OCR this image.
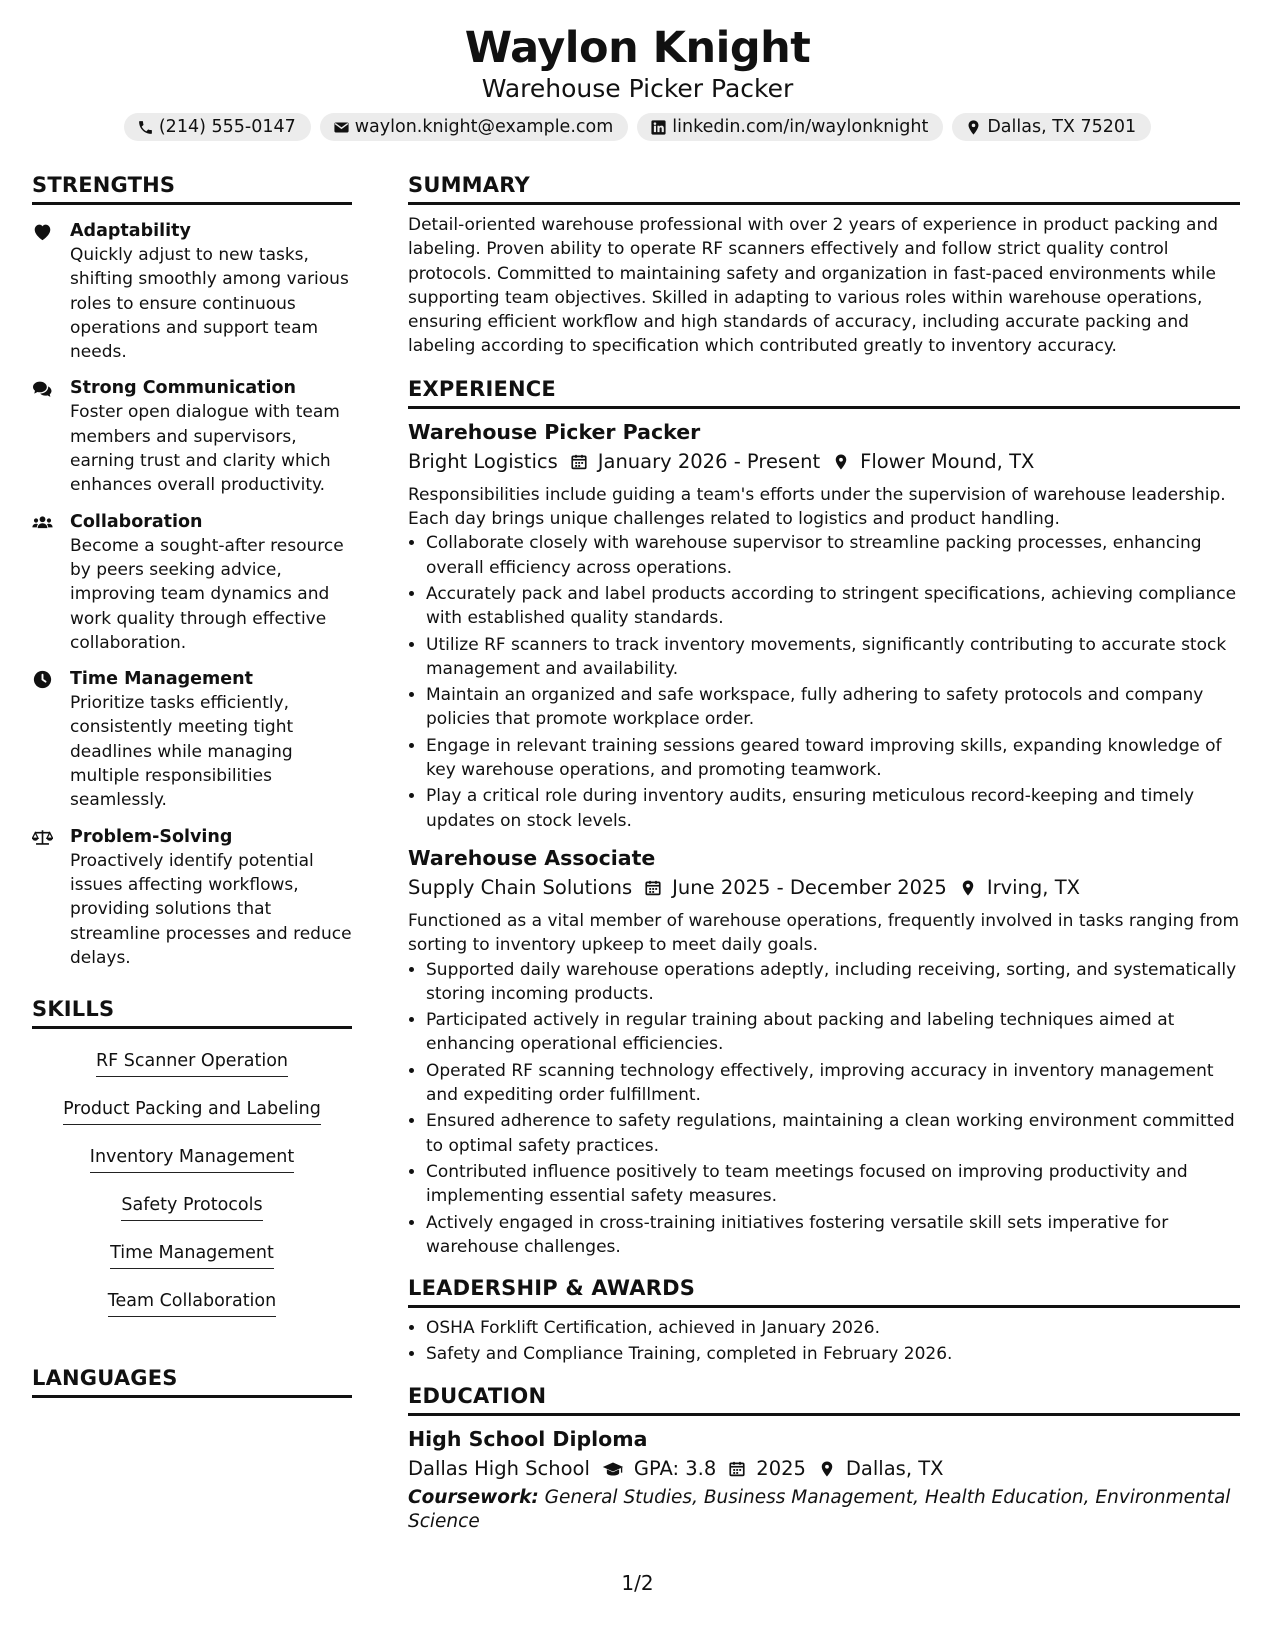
Waylon Knight
Warehouse Picker Packer
(214) 555-0147	waylon.knight@example.com	linkedin.com/in/waylonknight	Dallas, TX 75201
STRENGTHS
Adaptability
Quickly adjust to new tasks, shifting smoothly among various roles to ensure continuous operations and support team needs.
Strong Communication
Foster open dialogue with team members and supervisors, earning trust and clarity which enhances overall productivity.
Collaboration
Become a sought-after resource by peers seeking advice, improving team dynamics and work quality through effective collaboration.
Time Management
Prioritize tasks efficiently, consistently meeting tight deadlines while managing multiple responsibilities seamlessly.
Problem-Solving
Proactively identify potential issues affecting workflows, providing solutions that streamline processes and reduce delays.
SKILLS
RF Scanner Operation
Product Packing and Labeling
Inventory Management
Safety Protocols
Time Management
Team Collaboration
LANGUAGES
SUMMARY
Detail-oriented warehouse professional with over 2 years of experience in product packing and labeling. Proven ability to operate RF scanners effectively and follow strict quality control protocols. Committed to maintaining safety and organization in fast-paced environments while supporting team objectives. Skilled in adapting to various roles within warehouse operations, ensuring efficient workflow and high standards of accuracy, including accurate packing and labeling according to specification which contributed greatly to inventory accuracy.
EXPERIENCE
Warehouse Picker Packer
Bright Logistics January 2026 - Present Flower Mound, TX
Responsibilities include guiding a team's efforts under the supervision of warehouse leadership. Each day brings unique challenges related to logistics and product handling.
• Collaborate closely with warehouse supervisor to streamline packing processes, enhancing overall efficiency across operations.
• Accurately pack and label products according to stringent specifications, achieving compliance with established quality standards.
• Utilize RF scanners to track inventory movements, significantly contributing to accurate stock management and availability.
• Maintain an organized and safe workspace, fully adhering to safety protocols and company policies that promote workplace order.
• Engage in relevant training sessions geared toward improving skills, expanding knowledge of key warehouse operations, and promoting teamwork.
• Play a critical role during inventory audits, ensuring meticulous record-keeping and timely updates on stock levels.
Warehouse Associate
Supply Chain Solutions June 2025 - December 2025 Irving, TX
Functioned as a vital member of warehouse operations, frequently involved in tasks ranging from sorting to inventory upkeep to meet daily goals.
• Supported daily warehouse operations adeptly, including receiving, sorting, and systematically storing incoming products.
• Participated actively in regular training about packing and labeling techniques aimed at enhancing operational efficiencies.
• Operated RF scanning technology effectively, improving accuracy in inventory management and expediting order fulfillment.
• Ensured adherence to safety regulations, maintaining a clean working environment committed to optimal safety practices.
• Contributed influence positively to team meetings focused on improving productivity and implementing essential safety measures.
• Actively engaged in cross-training initiatives fostering versatile skill sets imperative for warehouse challenges.
LEADERSHIP & AWARDS
• OSHA Forklift Certification, achieved in January 2026.
• Safety and Compliance Training, completed in February 2026.
EDUCATION
High School Diploma
Dallas High School GPA: 3.8 2025 Dallas, TX
Coursework: General Studies, Business Management, Health Education, Environmental Science
1/2
